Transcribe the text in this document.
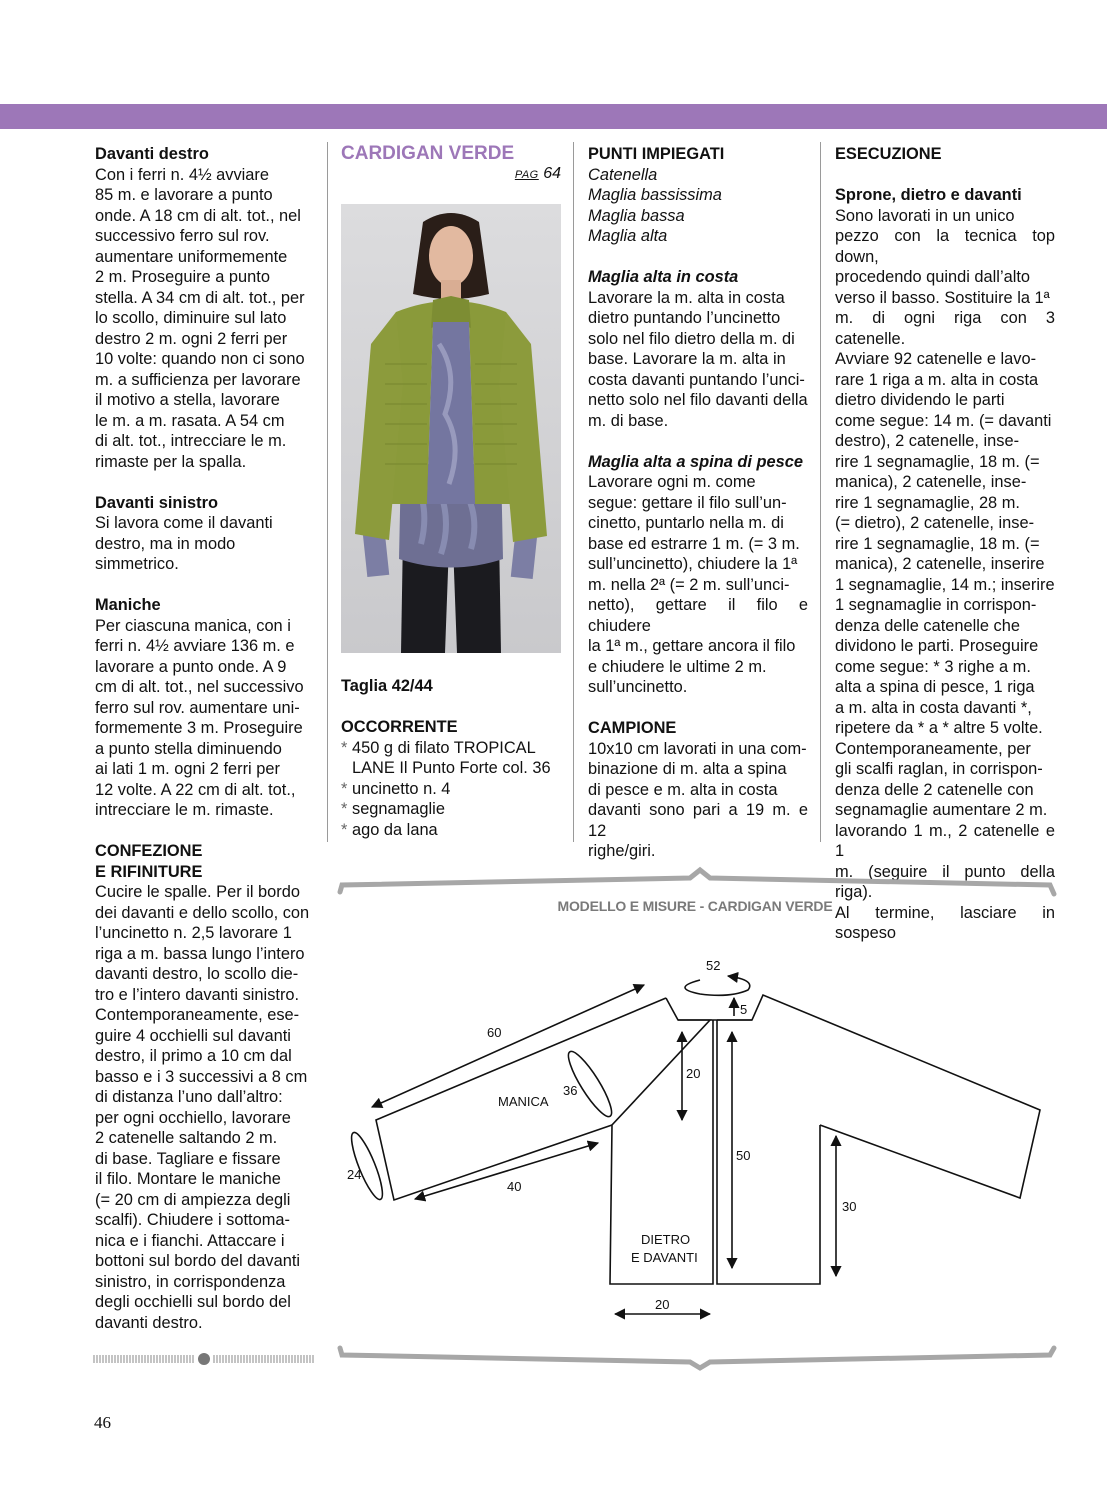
Davanti destro

Con i ferri n. 4½ avviare
85 m. e lavorare a punto
onde. A 18 cm di alt. tot., nel
successivo ferro sul rov.
aumentare uniformemente
2 m. Proseguire a punto
stella. A 34 cm di alt. tot., per
lo scollo, diminuire sul lato
destro 2 m. ogni 2 ferri per
10 volte: quando non ci sono
m. a sufficienza per lavorare
il motivo a stella, lavorare
le m. a m. rasata. A 54 cm
di alt. tot., intrecciare le m.
rimaste per la spalla.

Davanti sinistro

Si lavora come il davanti
destro, ma in modo
simmetrico.

Maniche

Per ciascuna manica, con i
ferri n. 4½ avviare 136 m. e
lavorare a punto onde. A 9
cm di alt. tot., nel successivo
ferro sul rov. aumentare uni-
formemente 3 m. Proseguire
a punto stella diminuendo
ai lati 1 m. ogni 2 ferri per
12 volte. A 22 cm di alt. tot.,
intrecciare le m. rimaste.

CONFEZIONE

E RIFINITURE

Cucire le spalle. Per il bordo
dei davanti e dello scollo, con
l’uncinetto n. 2,5 lavorare 1
riga a m. bassa lungo l’intero
davanti destro, lo scollo die-
tro e l’intero davanti sinistro.
Contemporaneamente, ese-
guire 4 occhielli sul davanti
destro, il primo a 10 cm dal
basso e i 3 successivi a 8 cm
di distanza l’uno dall’altro:
per ogni occhiello, lavorare
2 catenelle saltando 2 m.
di base. Tagliare e fissare
il filo. Montare le maniche
(= 20 cm di ampiezza degli
scalfi). Chiudere i sottoma-
nica e i fianchi. Attaccare i
bottoni sul bordo del davanti
sinistro, in corrispondenza
degli occhielli sul bordo del
davanti destro.

CARDIGAN VERDE

PAG 64

Taglia 42/44

OCCORRENTE

* 450 g di filato TROPICAL
LANE Il Punto Forte col. 36
* uncinetto n. 4
* segnamaglie
* ago da lana

PUNTI IMPIEGATI

Catenella

Maglia bassissima

Maglia bassa

Maglia alta

Maglia alta in costa

Lavorare la m. alta in costa
dietro puntando l’uncinetto
solo nel filo dietro della m. di
base. Lavorare la m. alta in
costa davanti puntando l’unci-
netto solo nel filo davanti della
m. di base.

Maglia alta a spina di pesce

Lavorare ogni m. come
segue: gettare il filo sull’un-
cinetto, puntarlo nella m. di
base ed estrarre 1 m. (= 3 m.
sull’uncinetto), chiudere la 1ª
m. nella 2ª (= 2 m. sull’unci-
netto), gettare il filo e chiudere
la 1ª m., gettare ancora il filo
e chiudere le ultime 2 m.
sull’uncinetto.

CAMPIONE

10x10 cm lavorati in una com-
binazione di m. alta a spina
di pesce e m. alta in costa
davanti sono pari a 19 m. e 12
righe/giri.

ESECUZIONE

Sprone, dietro e davanti

Sono lavorati in un unico
pezzo con la tecnica top down,
procedendo quindi dall’alto
verso il basso. Sostituire la 1ª
m. di ogni riga con 3 catenelle.
Avviare 92 catenelle e lavo-
rare 1 riga a m. alta in costa
dietro dividendo le parti
come segue: 14 m. (= davanti
destro), 2 catenelle, inse-
rire 1 segnamaglie, 18 m. (=
manica), 2 catenelle, inse-
rire 1 segnamaglie, 28 m.
(= dietro), 2 catenelle, inse-
rire 1 segnamaglie, 18 m. (=
manica), 2 catenelle, inserire
1 segnamaglie, 14 m.; inserire
1 segnamaglie in corrispon-
denza delle catenelle che
dividono le parti. Proseguire
come segue: * 3 righe a m.
alta a spina di pesce, 1 riga
a m. alta in costa davanti *,
ripetere da * a * altre 5 volte.
Contemporaneamente, per
gli scalfi raglan, in corrispon-
denza delle 2 catenelle con
segnamaglie aumentare 2 m.
lavorando 1 m., 2 catenelle e 1
m. (seguire il punto della riga).
Al termine, lasciare in sospeso
MODELLO E MISURE - CARDIGAN VERDE
52
5
60
20
36
MANICA
24
40
50
30
DIETRO
E DAVANTI
20
46
